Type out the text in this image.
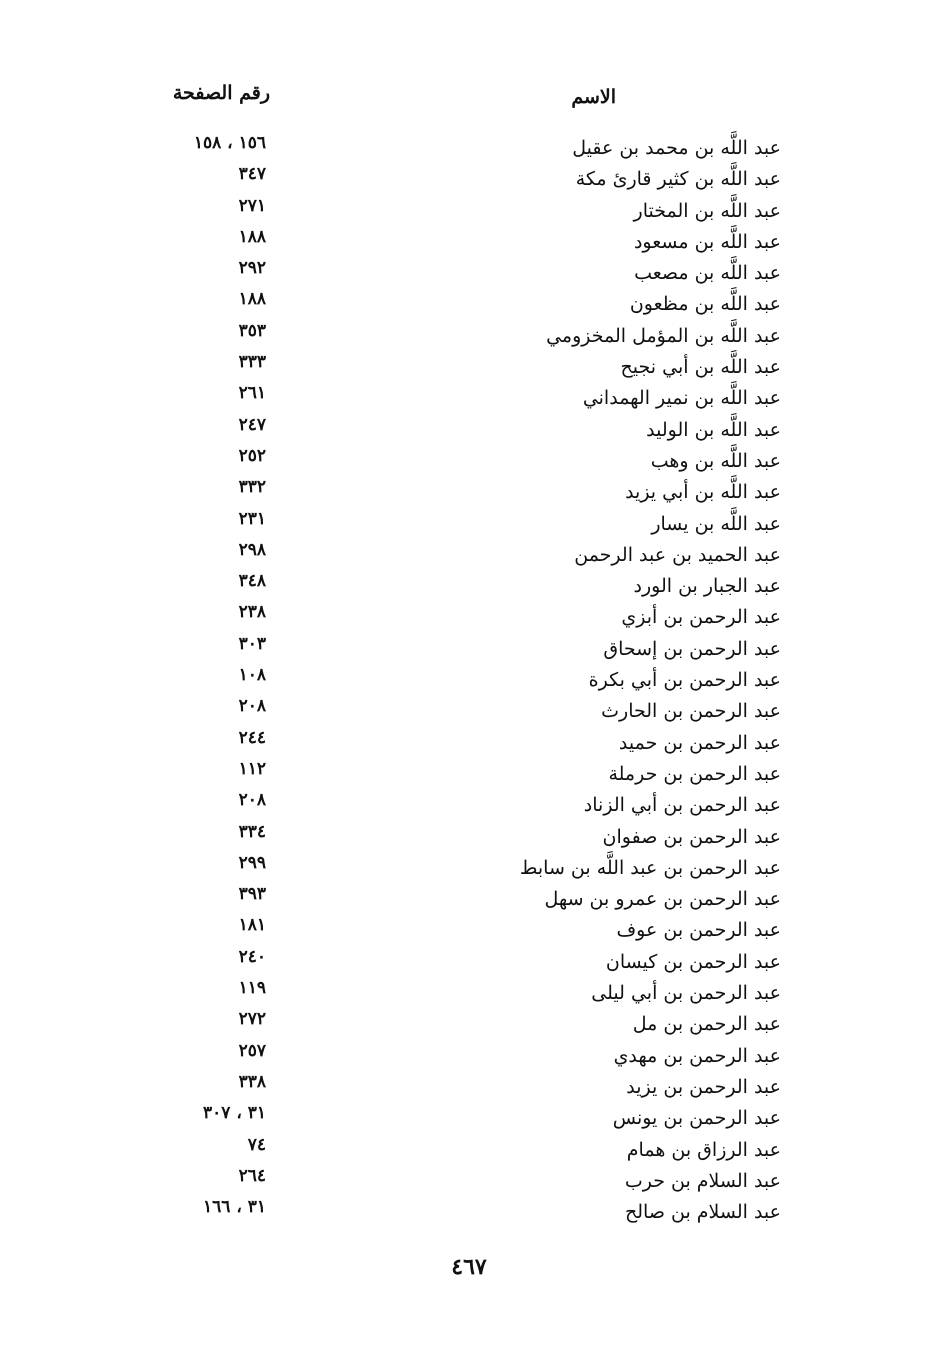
الاسم
رقم الصفحة
عبد اللَّه بن محمد بن عقيل
١٥٦ ، ١٥٨
عبد اللَّه بن كثير قارئ مكة
٣٤٧
عبد اللَّه بن المختار
٢٧١
عبد اللَّه بن مسعود
١٨٨
عبد اللَّه بن مصعب
٢٩٢
عبد اللَّه بن مظعون
١٨٨
عبد اللَّه بن المؤمل المخزومي
٣٥٣
عبد اللَّه بن أبي نجيح
٣٣٣
عبد اللَّه بن نمير الهمداني
٢٦١
عبد اللَّه بن الوليد
٢٤٧
عبد اللَّه بن وهب
٢٥٢
عبد اللَّه بن أبي يزيد
٣٣٢
عبد اللَّه بن يسار
٢٣١
عبد الحميد بن عبد الرحمن
٢٩٨
عبد الجبار بن الورد
٣٤٨
عبد الرحمن بن أبزي
٢٣٨
عبد الرحمن بن إسحاق
٣٠٣
عبد الرحمن بن أبي بكرة
١٠٨
عبد الرحمن بن الحارث
٢٠٨
عبد الرحمن بن حميد
٢٤٤
عبد الرحمن بن حرملة
١١٢
عبد الرحمن بن أبي الزناد
٢٠٨
عبد الرحمن بن صفوان
٣٣٤
عبد الرحمن بن عبد اللَّه بن سابط
٢٩٩
عبد الرحمن بن عمرو بن سهل
٣٩٣
عبد الرحمن بن عوف
١٨١
عبد الرحمن بن كيسان
٢٤٠
عبد الرحمن بن أبي ليلى
١١٩
عبد الرحمن بن مل
٢٧٢
عبد الرحمن بن مهدي
٢٥٧
عبد الرحمن بن يزيد
٣٣٨
عبد الرحمن بن يونس
٣١ ، ٣٠٧
عبد الرزاق بن همام
٧٤
عبد السلام بن حرب
٢٦٤
عبد السلام بن صالح
٣١ ، ١٦٦
٤٦٧
